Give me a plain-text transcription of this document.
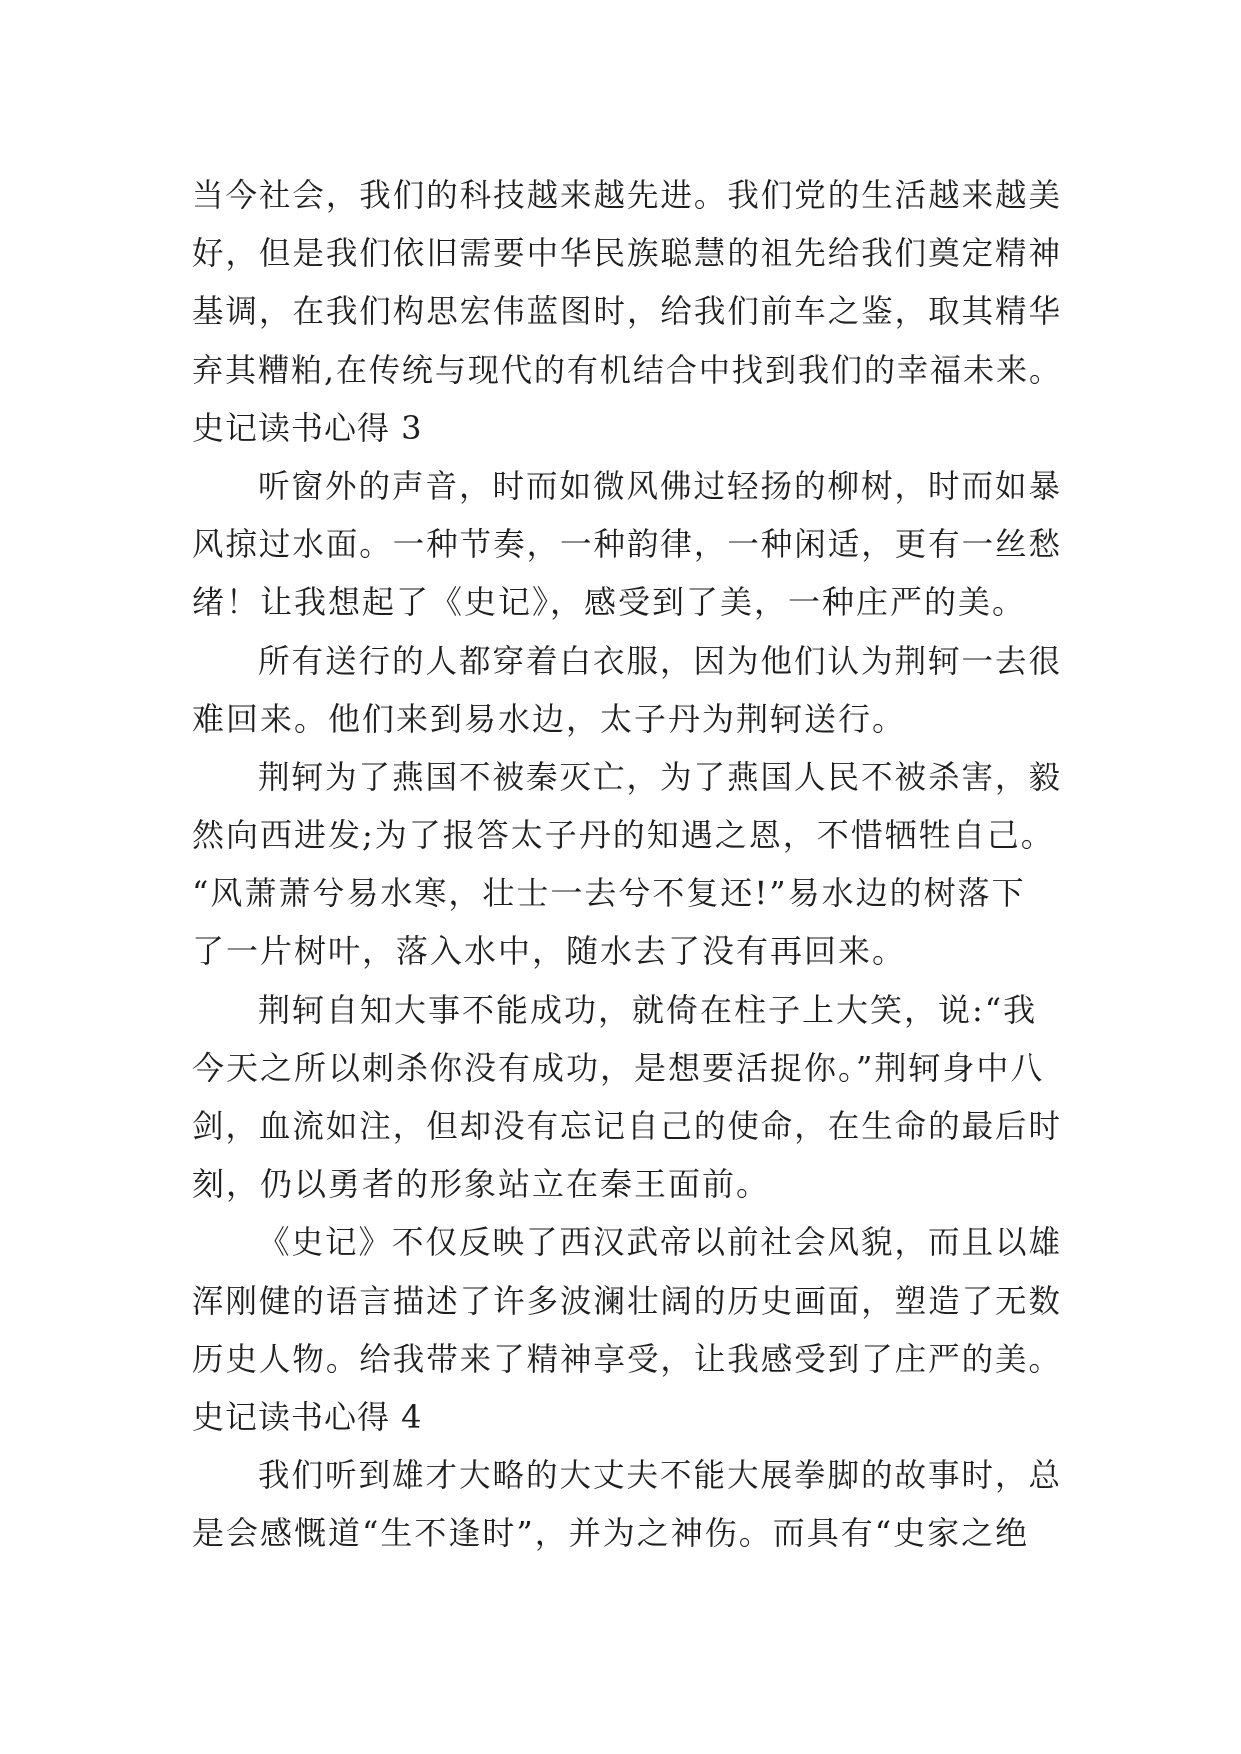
当今社会，我们的科技越来越先进。我们党的生活越来越美
好，但是我们依旧需要中华民族聪慧的祖先给我们奠定精神
基调，在我们构思宏伟蓝图时，给我们前车之鉴，取其精华
弃其糟粕,在传统与现代的有机结合中找到我们的幸福未来。
史记读书心得 3
听窗外的声音，时而如微风佛过轻扬的柳树，时而如暴
风掠过水面。一种节奏，一种韵律，一种闲适，更有一丝愁
绪！让我想起了《史记》，感受到了美，一种庄严的美。
所有送行的人都穿着白衣服，因为他们认为荆轲一去很
难回来。他们来到易水边，太子丹为荆轲送行。
荆轲为了燕国不被秦灭亡，为了燕国人民不被杀害，毅
然向西进发;为了报答太子丹的知遇之恩，不惜牺牲自己。
“风萧萧兮易水寒，壮士一去兮不复还!”易水边的树落下
了一片树叶，落入水中，随水去了没有再回来。
荆轲自知大事不能成功，就倚在柱子上大笑，说:“我
今天之所以刺杀你没有成功，是想要活捉你。”荆轲身中八
剑，血流如注，但却没有忘记自己的使命，在生命的最后时
刻，仍以勇者的形象站立在秦王面前。
《史记》不仅反映了西汉武帝以前社会风貌，而且以雄
浑刚健的语言描述了许多波澜壮阔的历史画面，塑造了无数
历史人物。给我带来了精神享受，让我感受到了庄严的美。
史记读书心得 4
我们听到雄才大略的大丈夫不能大展拳脚的故事时，总
是会感慨道“生不逢时”，并为之神伤。而具有“史家之绝
